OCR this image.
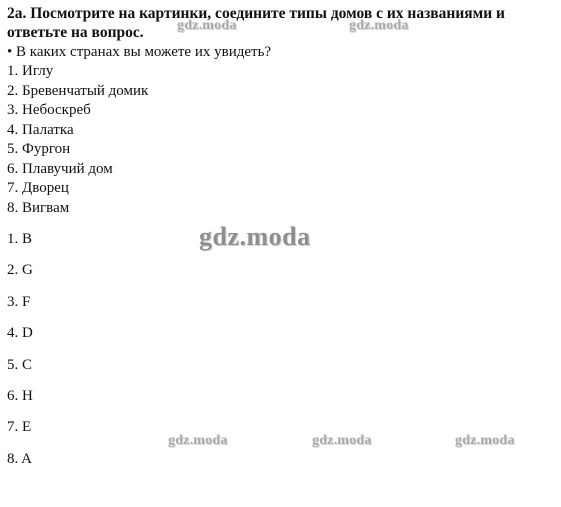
2a. Посмотрите на картинки, соедините типы домов с их названиями и ответьте на вопрос.

• В каких странах вы можете их увидеть?

1. Иглу
2. Бревенчатый домик
3. Небоскреб
4. Палатка
5. Фургон
6. Плавучий дом
7. Дворец
8. Вигвам
1. B
2. G
3. F
4. D
5. C
6. H
7. E
8. A
gdz.moda	gdz.moda
gdz.moda
gdz.moda	gdz.moda	gdz.moda
